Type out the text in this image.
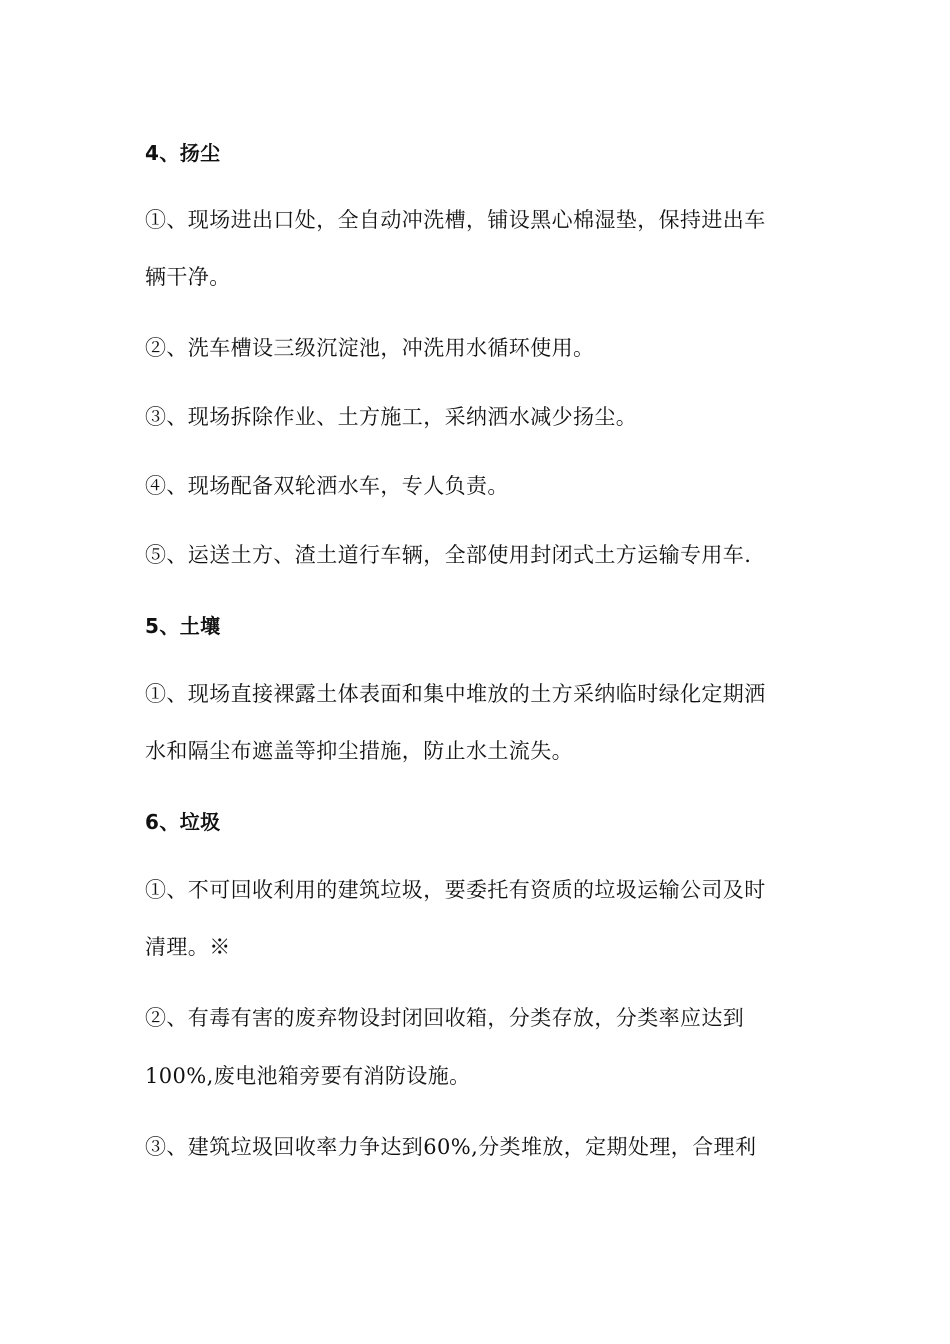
4、扬尘
①、现场进出口处，全自动冲洗槽，铺设黑心棉湿垫，保持进出车
辆干净。
②、洗车槽设三级沉淀池，冲洗用水循环使用。
③、现场拆除作业、土方施工，采纳洒水减少扬尘。
④、现场配备双轮洒水车，专人负责。
⑤、运送土方、渣土道行车辆，全部使用封闭式土方运输专用车.
5、土壤
①、现场直接裸露土体表面和集中堆放的土方采纳临时绿化定期洒
水和隔尘布遮盖等抑尘措施，防止水土流失。
6、垃圾
①、不可回收利用的建筑垃圾，要委托有资质的垃圾运输公司及时
清理。※
②、有毒有害的废弃物设封闭回收箱，分类存放，分类率应达到
100%,废电池箱旁要有消防设施。
③、建筑垃圾回收率力争达到60%,分类堆放，定期处理，合理利
